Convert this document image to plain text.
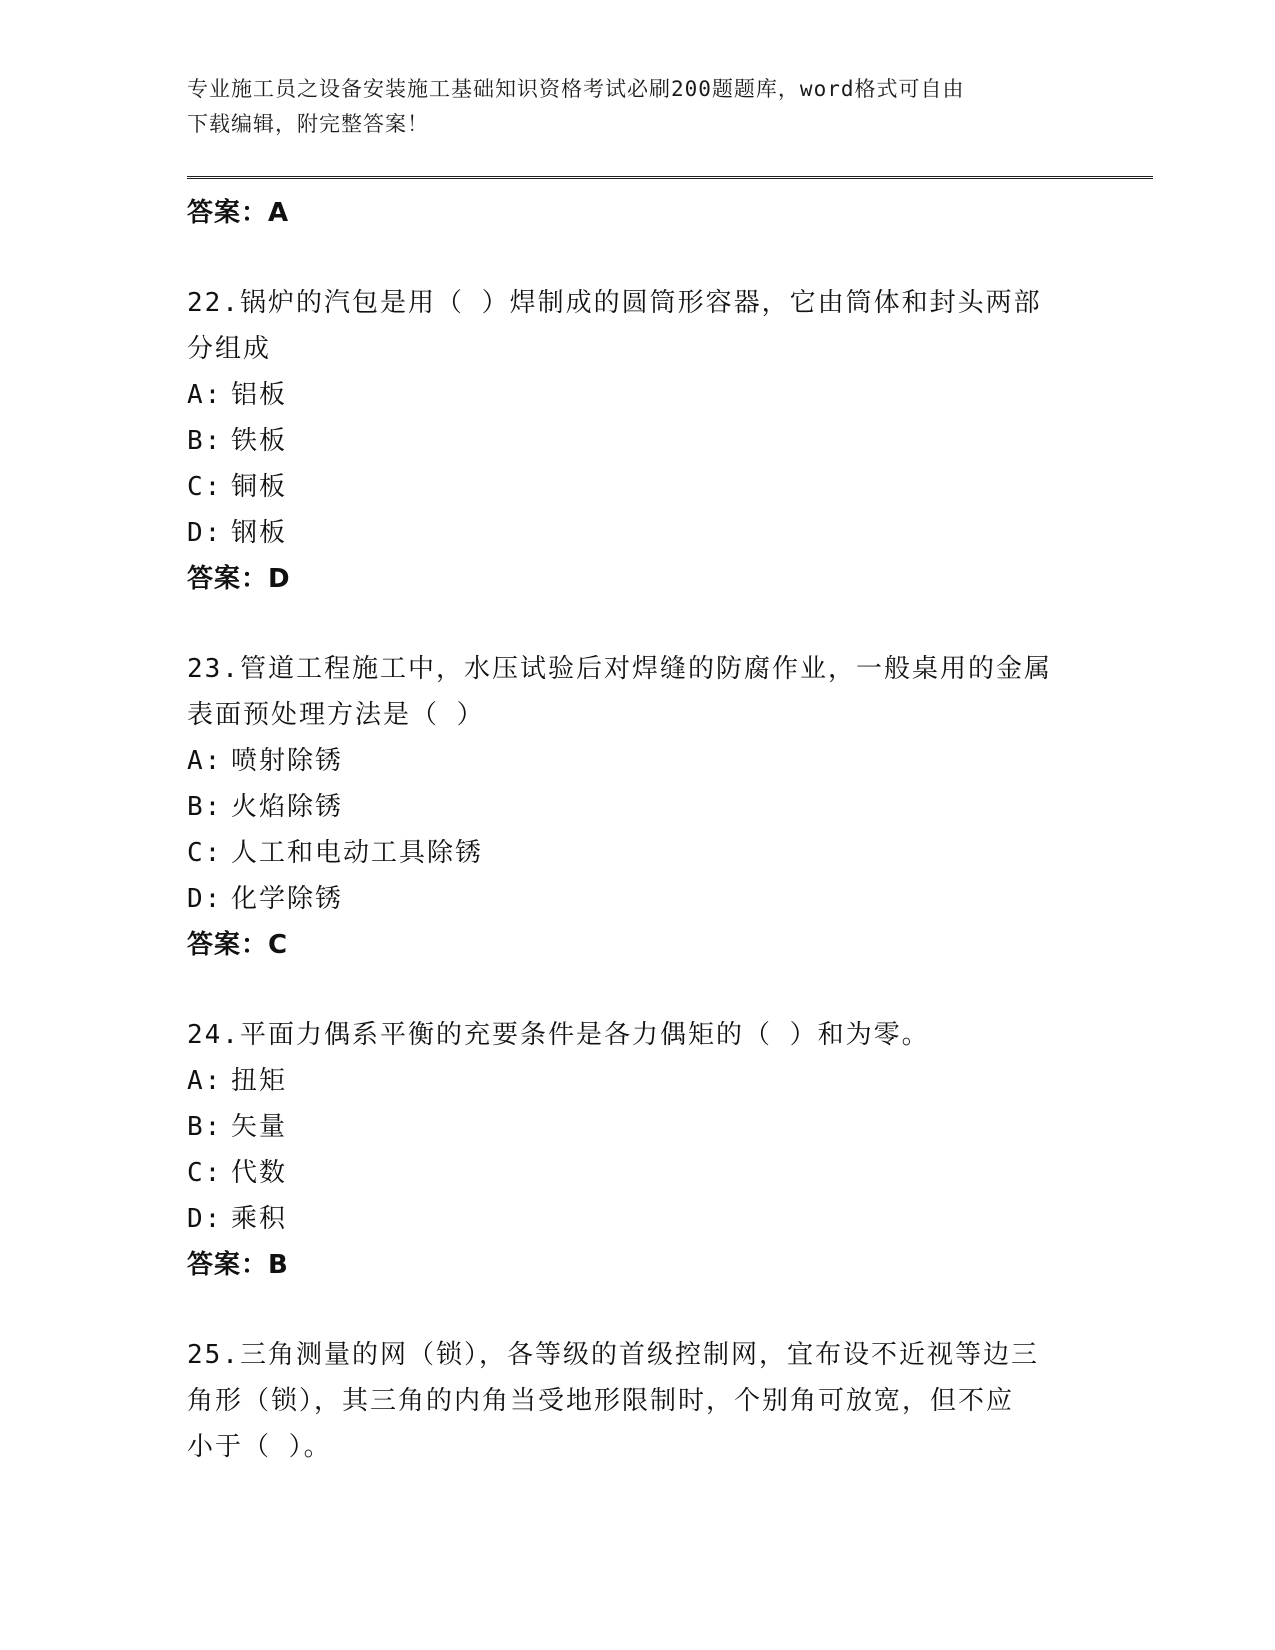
专业施工员之设备安装施工基础知识资格考试必刷200题题库，word格式可自由
下载编辑，附完整答案！
答案：A
22.锅炉的汽包是用（ ）焊制成的圆筒形容器，它由筒体和封头两部
分组成
A: 铝板
B: 铁板
C: 铜板
D: 钢板
答案：D
23.管道工程施工中，水压试验后对焊缝的防腐作业，一般桌用的金属
表面预处理方法是（ ）
A: 喷射除锈
B: 火焰除锈
C: 人工和电动工具除锈
D: 化学除锈
答案：C
24.平面力偶系平衡的充要条件是各力偶矩的（ ）和为零。
A: 扭矩
B: 矢量
C: 代数
D: 乘积
答案：B
25.三角测量的网（锁），各等级的首级控制网，宜布设不近视等边三
角形（锁），其三角的内角当受地形限制时，个别角可放宽，但不应
小于（ ）。
